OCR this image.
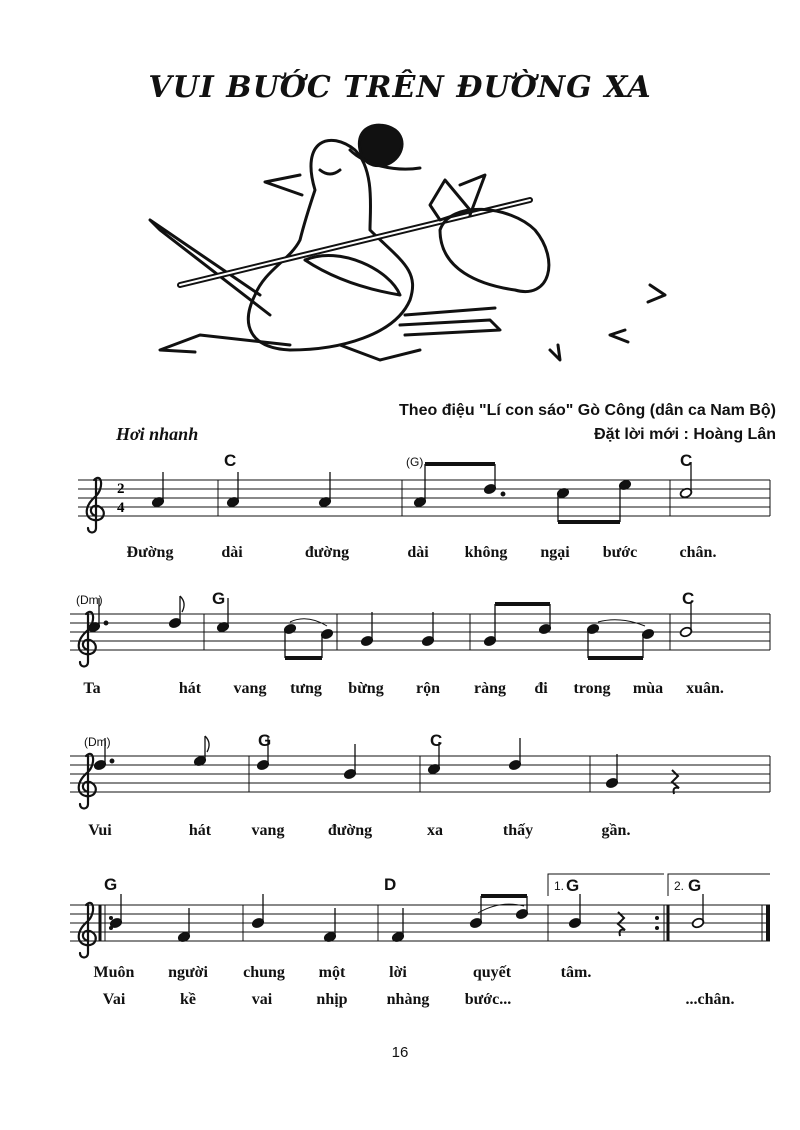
VUI BƯỚC TRÊN ĐƯỜNG XA
Theo điệu "Lí con sáo" Gò Công (dân ca Nam Bộ)
Đặt lời mới : Hoàng Lân
Hơi nhanh
2
4
C	(G)	C
(Dm)	G	C
(Dm)	G	C
G	D	1. G	2. G
Đường	dài	đường	dài không ngại bước	chân.
Ta	hát vang tưng bừng rộn ràng đi trong mùa xuân.
Vui	hát	vang	đường	xa	thấy	gần.
Muôn người chung một	lời	quyết	tâm.
Vai	kề	vai	nhịp nhàng bước...	...chân.
16
